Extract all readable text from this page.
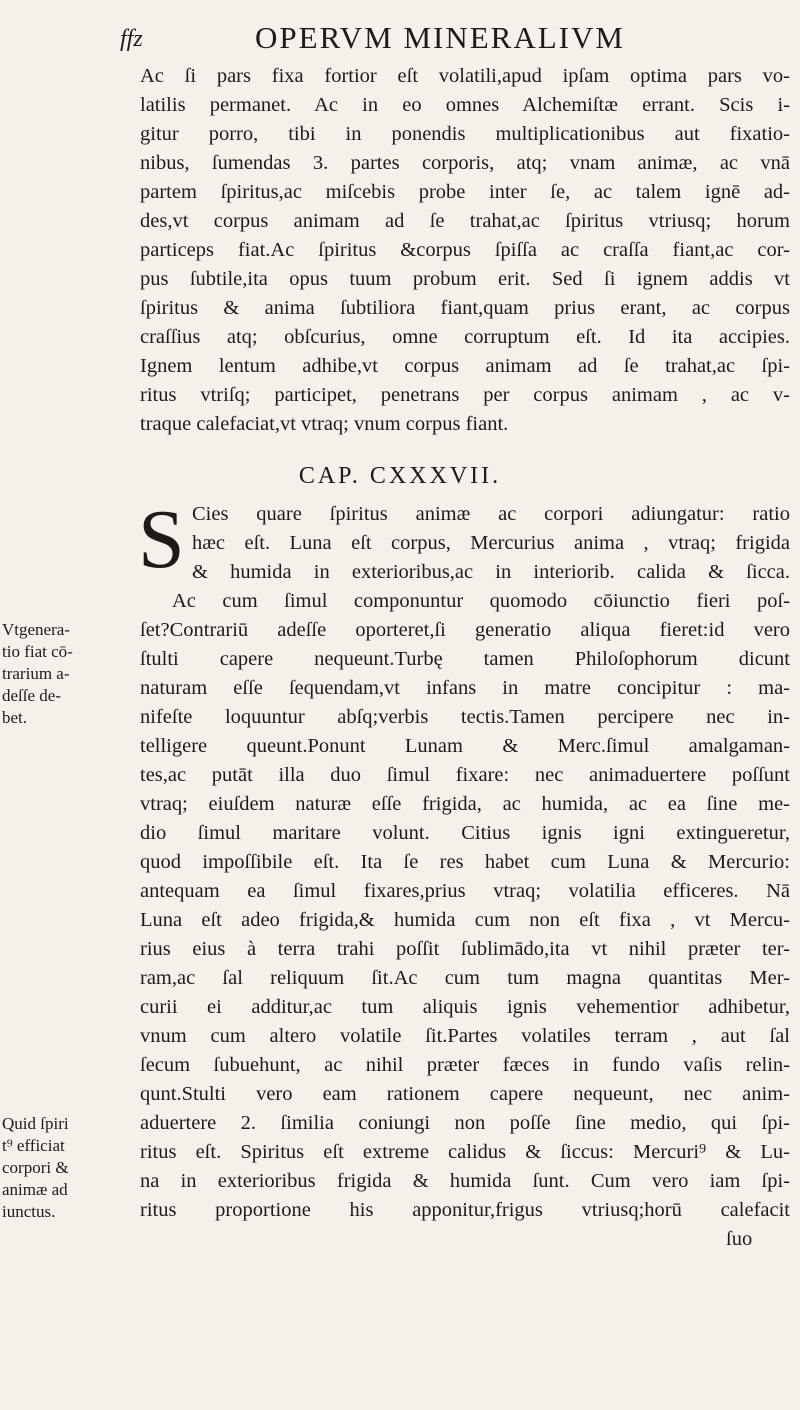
ffz	OPERVM MINERALIVM

Ac ſi pars fixa fortior eſt volatili,apud ipſam optima pars vo-

latilis permanet. Ac in eo omnes Alchemiſtæ errant. Scis i-

gitur porro, tibi in ponendis multiplicationibus aut fixatio-

nibus, ſumendas 3. partes corporis, atq; vnam animæ, ac vnā

partem ſpiritus,ac miſcebis probe inter ſe, ac talem ignē ad-

des,vt corpus animam ad ſe trahat,ac ſpiritus vtriusq; horum

particeps fiat.Ac ſpiritus &corpus ſpiſſa ac craſſa fiant,ac cor-

pus ſubtile,ita opus tuum probum erit. Sed ſi ignem addis vt

ſpiritus & anima ſubtiliora fiant,quam prius erant, ac corpus

craſſius atq; obſcurius, omne corruptum eſt. Id ita accipies.

Ignem lentum adhibe,vt corpus animam ad ſe trahat,ac ſpi-

ritus vtriſq; participet, penetrans per corpus animam , ac v-

traque calefaciat,vt vtraq; vnum corpus fiant.

CAP. CXXXVII.

S Cies quare ſpiritus animæ ac corpori adiungatur: ratio

hæc eſt. Luna eſt corpus, Mercurius anima , vtraq; frigida

& humida in exterioribus,ac in interiorib. calida & ſicca.

Ac cum ſimul componuntur quomodo cōiunctio fieri poſ-

ſet?Contrariū adeſſe oporteret,ſi generatio aliqua fieret:id vero

ſtulti capere nequeunt.Turbę tamen Philoſophorum dicunt

naturam eſſe ſequendam,vt infans in matre concipitur : ma-

nifeſte loquuntur abſq;verbis tectis.Tamen percipere nec in-

telligere queunt.Ponunt Lunam & Merc.ſimul amalgaman-

tes,ac putāt illa duo ſimul fixare: nec animaduertere poſſunt

vtraq; eiuſdem naturæ eſſe frigida, ac humida, ac ea ſine me-

dio ſimul maritare volunt. Citius ignis igni extingueretur,

quod impoſſibile eſt. Ita ſe res habet cum Luna & Mercurio:

antequam ea ſimul fixares,prius vtraq; volatilia efficeres. Nā

Luna eſt adeo frigida,& humida cum non eſt fixa , vt Mercu-

rius eius à terra trahi poſſit ſublimādo,ita vt nihil præter ter-

ram,ac ſal reliquum ſit.Ac cum tum magna quantitas Mer-

curii ei additur,ac tum aliquis ignis vehementior adhibetur,

vnum cum altero volatile ſit.Partes volatiles terram , aut ſal

ſecum ſubuehunt, ac nihil præter fæces in fundo vaſis relin-

qunt.Stulti vero eam rationem capere nequeunt, nec anim-

aduertere 2. ſimilia coniungi non poſſe ſine medio, qui ſpi-

ritus eſt. Spiritus eſt extreme calidus & ſiccus: Mercuri⁹ & Lu-

na in exterioribus frigida & humida ſunt. Cum vero iam ſpi-

ritus proportione his apponitur,frigus vtriusq;horū calefacit

ſuo

Vtgenera-

tio fiat cō-

trarium a-

deſſe de-

bet.

Quid ſpiri

t⁹ efficiat

corpori &

animæ ad

iunctus.
